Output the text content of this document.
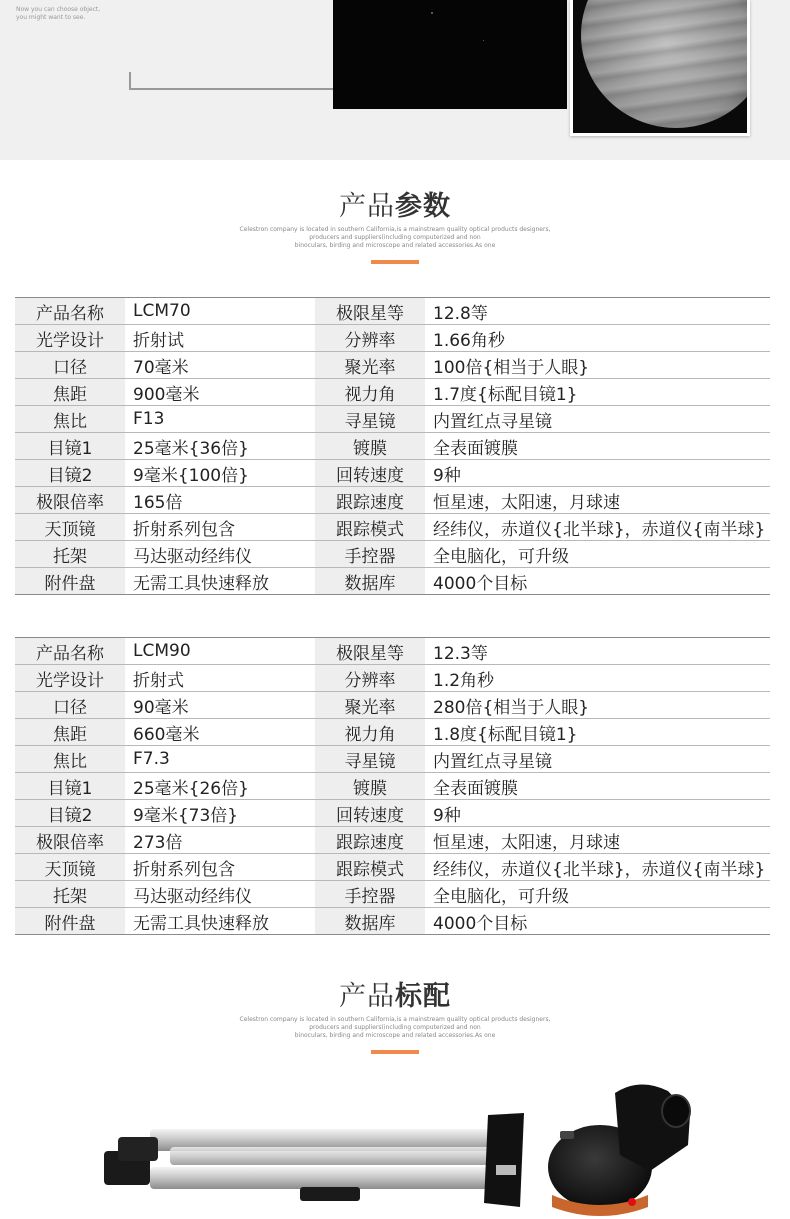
Now you can choose object,
you might want to see.
产品参数
Celestron company is located in southern California,is a mainstream quality optical products designers,
producers and suppliers(including computerized and non
binoculars, birding and microscope and related accessories.As one
产品名称	LCM70	极限星等	12.8等
光学设计	折射试	分辨率	1.66角秒
口径	70毫米	聚光率	100倍{相当于人眼}
焦距	900毫米	视力角	1.7度{标配目镜1}
焦比	F13	寻星镜	内置红点寻星镜
目镜1	25毫米{36倍}	镀膜	全表面镀膜
目镜2	9毫米{100倍}	回转速度	9种
极限倍率	165倍	跟踪速度	恒星速，太阳速，月球速
天顶镜	折射系列包含	跟踪模式	经纬仪，赤道仪{北半球}，赤道仪{南半球}
托架	马达驱动经纬仪	手控器	全电脑化，可升级
附件盘	无需工具快速释放	数据库	4000个目标
产品名称	LCM90	极限星等	12.3等
光学设计	折射式	分辨率	1.2角秒
口径	90毫米	聚光率	280倍{相当于人眼}
焦距	660毫米	视力角	1.8度{标配目镜1}
焦比	F7.3	寻星镜	内置红点寻星镜
目镜1	25毫米{26倍}	镀膜	全表面镀膜
目镜2	9毫米{73倍}	回转速度	9种
极限倍率	273倍	跟踪速度	恒星速，太阳速，月球速
天顶镜	折射系列包含	跟踪模式	经纬仪，赤道仪{北半球}，赤道仪{南半球}
托架	马达驱动经纬仪	手控器	全电脑化，可升级
附件盘	无需工具快速释放	数据库	4000个目标
产品标配
Celestron company is located in southern California,is a mainstream quality optical products designers,
producers and suppliers(including computerized and non
binoculars, birding and microscope and related accessories.As one
